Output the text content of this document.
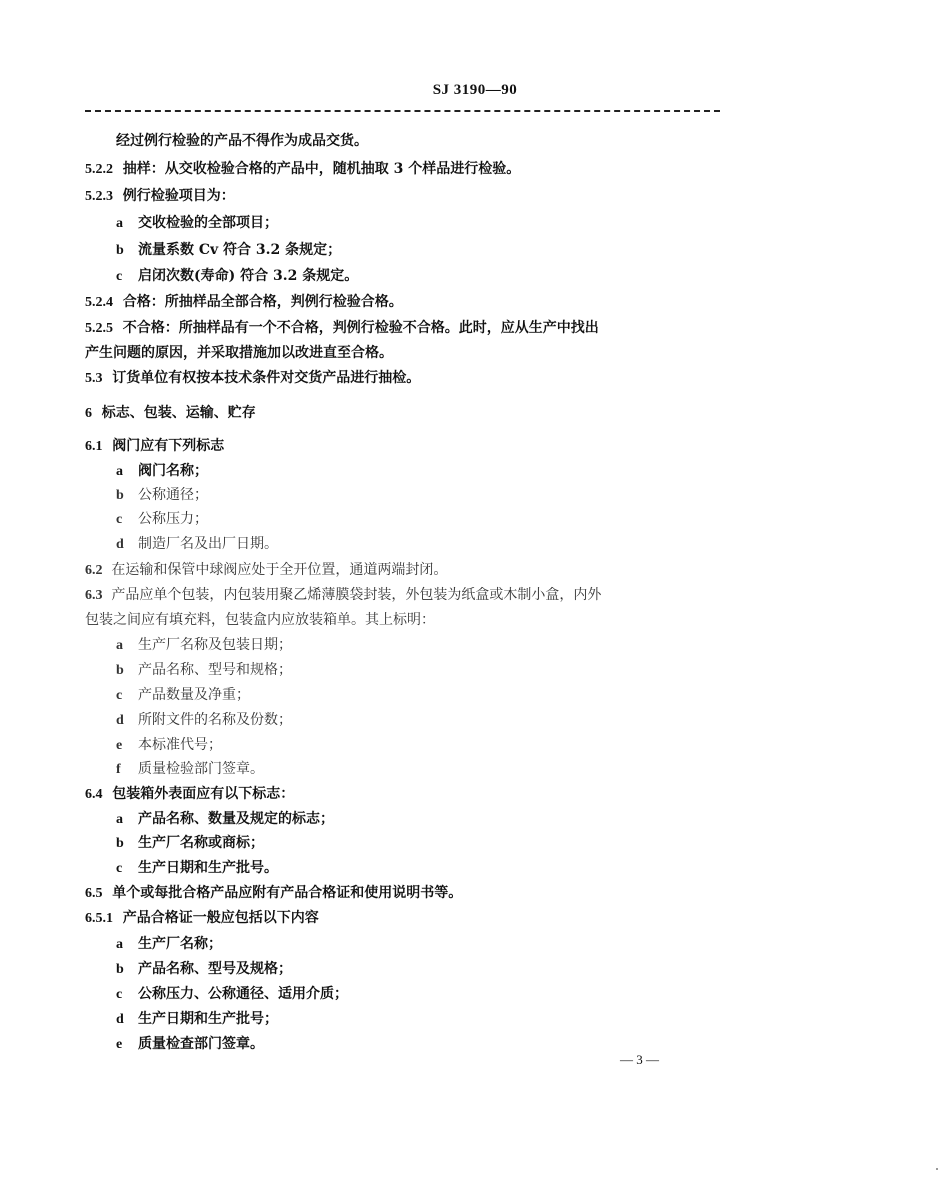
SJ 3190—90
经过例行检验的产品不得作为成品交货。
5.2.2 抽样：从交收检验合格的产品中，随机抽取 3 个样品进行检验。
5.2.3 例行检验项目为：
a 交收检验的全部项目；
b 流量系数 Cv 符合 3.2 条规定；
c 启闭次数(寿命) 符合 3.2 条规定。
5.2.4 合格：所抽样品全部合格，判例行检验合格。
5.2.5 不合格：所抽样品有一个不合格，判例行检验不合格。此时，应从生产中找出
产生问题的原因，并采取措施加以改进直至合格。
5.3 订货单位有权按本技术条件对交货产品进行抽检。
6 标志、包装、运输、贮存
6.1 阀门应有下列标志
a 阀门名称；
b 公称通径；
c 公称压力；
d 制造厂名及出厂日期。
6.2 在运输和保管中球阀应处于全开位置，通道两端封闭。
6.3 产品应单个包装，内包装用聚乙烯薄膜袋封装，外包装为纸盒或木制小盒，内外
包装之间应有填充料，包装盒内应放装箱单。其上标明：
a 生产厂名称及包装日期；
b 产品名称、型号和规格；
c 产品数量及净重；
d 所附文件的名称及份数；
e 本标准代号；
f 质量检验部门签章。
6.4 包装箱外表面应有以下标志：
a 产品名称、数量及规定的标志；
b 生产厂名称或商标；
c 生产日期和生产批号。
6.5 单个或每批合格产品应附有产品合格证和使用说明书等。
6.5.1 产品合格证一般应包括以下内容
a 生产厂名称；
b 产品名称、型号及规格；
c 公称压力、公称通径、适用介质；
d 生产日期和生产批号；
e 质量检查部门签章。
— 3 —
